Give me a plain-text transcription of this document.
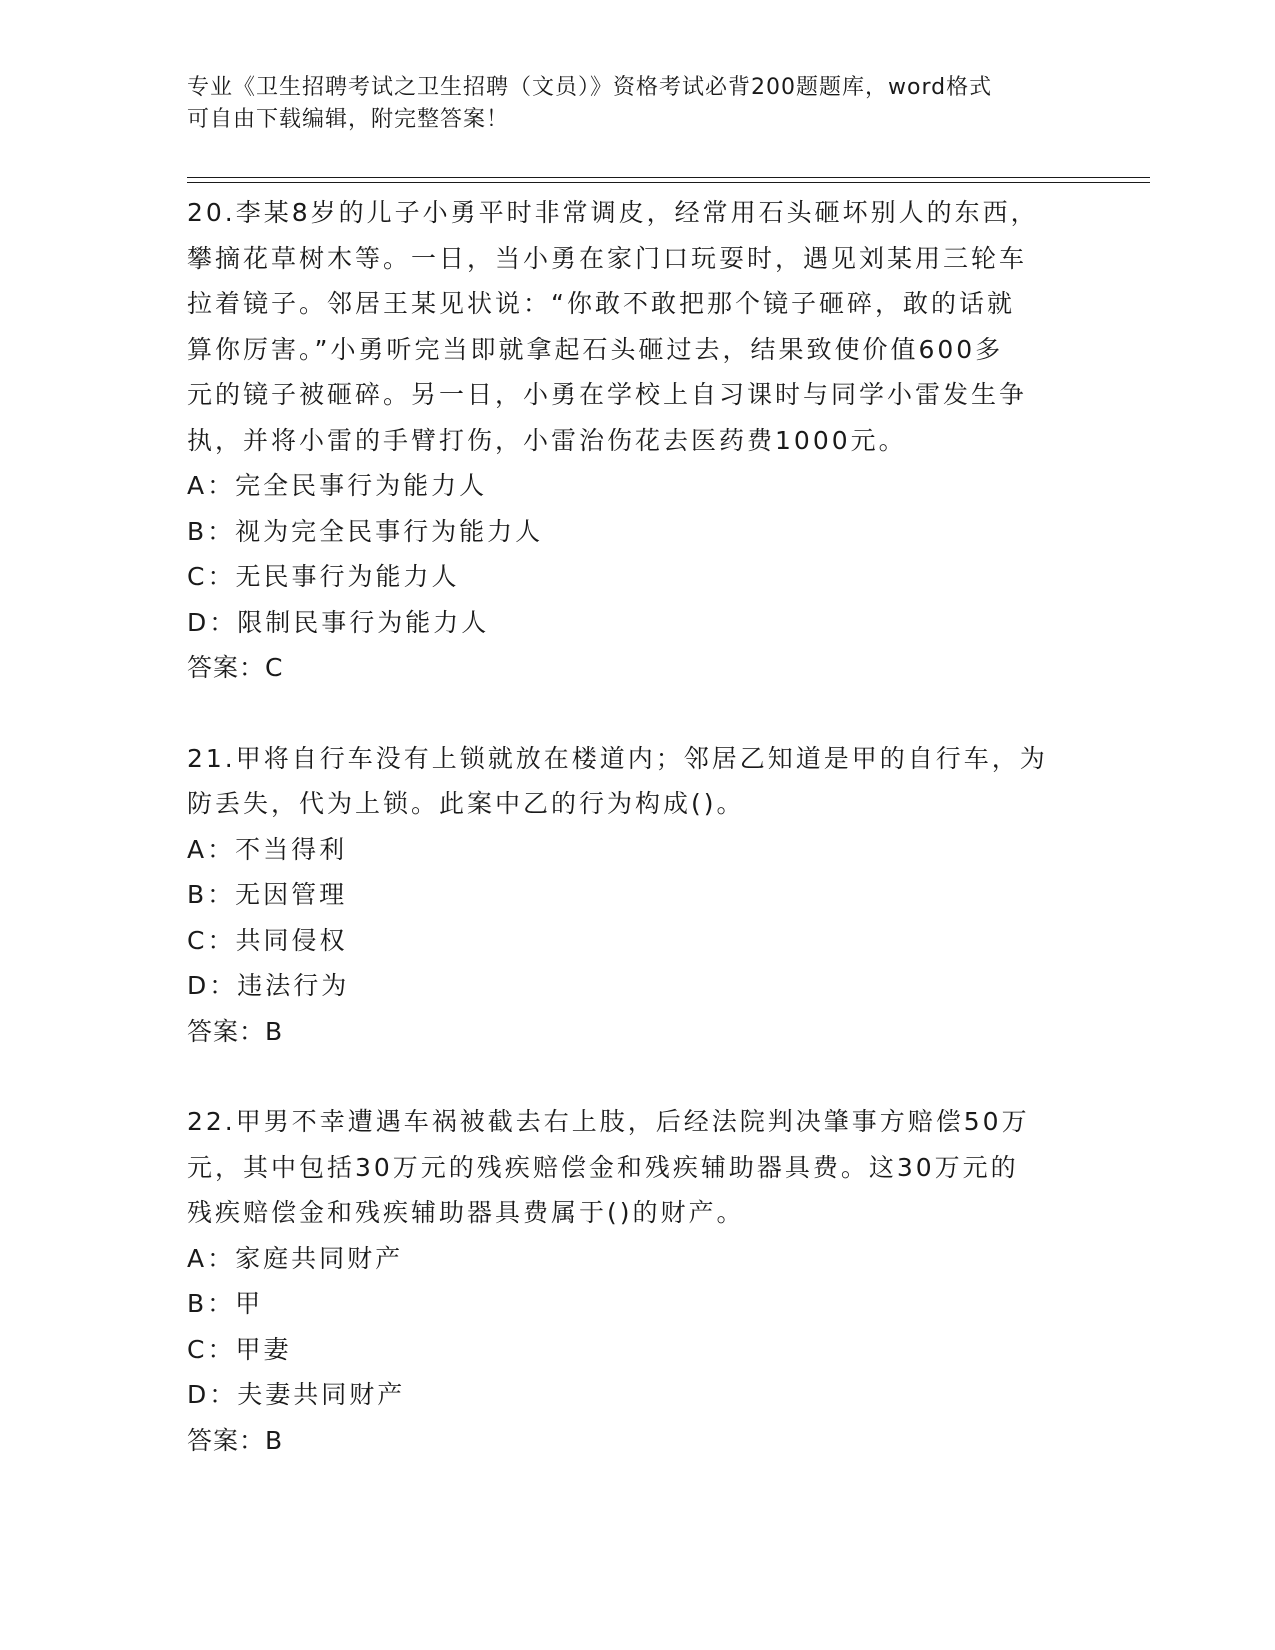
专业《卫生招聘考试之卫生招聘（文员）》资格考试必背200题题库，word格式
可自由下载编辑，附完整答案！
20.李某8岁的儿子小勇平时非常调皮，经常用石头砸坏别人的东西，
攀摘花草树木等。一日，当小勇在家门口玩耍时，遇见刘某用三轮车
拉着镜子。邻居王某见状说：“你敢不敢把那个镜子砸碎，敢的话就
算你厉害。”小勇听完当即就拿起石头砸过去，结果致使价值600多
元的镜子被砸碎。另一日，小勇在学校上自习课时与同学小雷发生争
执，并将小雷的手臂打伤，小雷治伤花去医药费1000元。
A：完全民事行为能力人
B：视为完全民事行为能力人
C：无民事行为能力人
D：限制民事行为能力人
答案：C
21.甲将自行车没有上锁就放在楼道内；邻居乙知道是甲的自行车，为
防丢失，代为上锁。此案中乙的行为构成()。
A：不当得利
B：无因管理
C：共同侵权
D：违法行为
答案：B
22.甲男不幸遭遇车祸被截去右上肢，后经法院判决肇事方赔偿50万
元，其中包括30万元的残疾赔偿金和残疾辅助器具费。这30万元的
残疾赔偿金和残疾辅助器具费属于()的财产。
A：家庭共同财产
B：甲
C：甲妻
D：夫妻共同财产
答案：B
